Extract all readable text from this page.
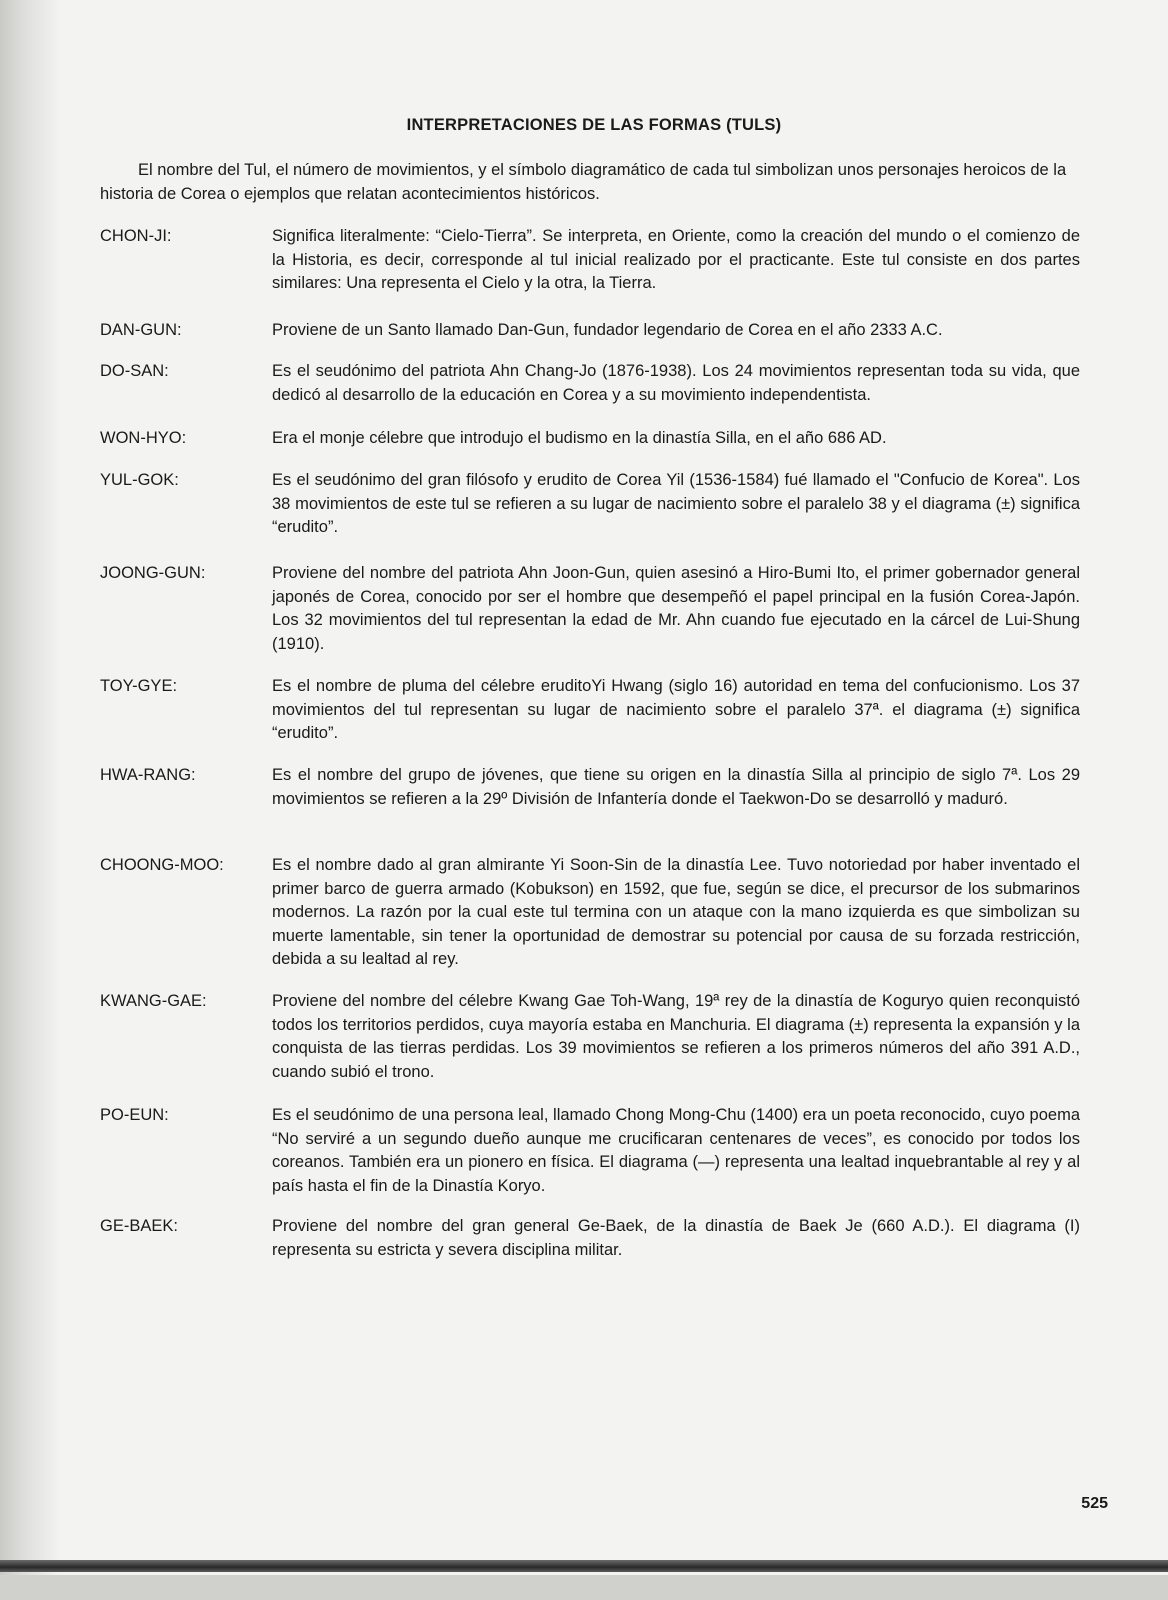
INTERPRETACIONES DE LAS FORMAS (TULS)
El nombre del Tul, el número de movimientos, y el símbolo diagramático de cada tul simbolizan unos personajes heroicos de la historia de Corea o ejemplos que relatan acontecimientos históricos.
CHON-JI:	Significa literalmente: “Cielo-Tierra”. Se interpreta, en Oriente, como la creación del mundo o el comienzo de la Historia, es decir, corresponde al tul inicial realizado por el practicante. Este tul consiste en dos partes similares: Una representa el Cielo y la otra, la Tierra.
DAN-GUN:	Proviene de un Santo llamado Dan-Gun, fundador legendario de Corea en el año 2333 A.C.
DO-SAN:	Es el seudónimo del patriota Ahn Chang-Jo (1876-1938). Los 24 movimientos representan toda su vida, que dedicó al desarrollo de la educación en Corea y a su movimiento independentista.
WON-HYO:	Era el monje célebre que introdujo el budismo en la dinastía Silla, en el año 686 AD.
YUL-GOK:	Es el seudónimo del gran filósofo y erudito de Corea Yil (1536-1584) fué llamado el "Confucio de Korea". Los 38 movimientos de este tul se refieren a su lugar de nacimiento sobre el paralelo 38 y el diagrama (±) significa “erudito”.
JOONG-GUN:	Proviene del nombre del patriota Ahn Joon-Gun, quien asesinó a Hiro-Bumi Ito, el primer gobernador general japonés de Corea, conocido por ser el hombre que desempeñó el papel principal en la fusión Corea-Japón. Los 32 movimientos del tul representan la edad de Mr. Ahn cuando fue ejecutado en la cárcel de Lui-Shung (1910).
TOY-GYE:	Es el nombre de pluma del célebre eruditoYi Hwang (siglo 16) autoridad en tema del confucionismo. Los 37 movimientos del tul representan su lugar de nacimiento sobre el paralelo 37ª. el diagrama (±) significa “erudito”.
HWA-RANG:	Es el nombre del grupo de jóvenes, que tiene su origen en la dinastía Silla al principio de siglo 7ª. Los 29 movimientos se refieren a la 29º División de Infantería donde el Taekwon-Do se desarrolló y maduró.
CHOONG-MOO:	Es el nombre dado al gran almirante Yi Soon-Sin de la dinastía Lee. Tuvo notoriedad por haber inventado el primer barco de guerra armado (Kobukson) en 1592, que fue, según se dice, el precursor de los submarinos modernos. La razón por la cual este tul termina con un ataque con la mano izquierda es que simbolizan su muerte lamentable, sin tener la oportunidad de demostrar su potencial por causa de su forzada restricción, debida a su lealtad al rey.
KWANG-GAE:	Proviene del nombre del célebre Kwang Gae Toh-Wang, 19ª rey de la dinastía de Koguryo quien reconquistó todos los territorios perdidos, cuya mayoría estaba en Manchuria. El diagrama (±) representa la expansión y la conquista de las tierras perdidas. Los 39 movimientos se refieren a los primeros números del año 391 A.D., cuando subió el trono.
PO-EUN:	Es el seudónimo de una persona leal, llamado Chong Mong-Chu (1400) era un poeta reconocido, cuyo poema “No serviré a un segundo dueño aunque me crucificaran centenares de veces”, es conocido por todos los coreanos. También era un pionero en física. El diagrama (—) representa una lealtad inquebrantable al rey y al país hasta el fin de la Dinastía Koryo.
GE-BAEK:	Proviene del nombre del gran general Ge-Baek, de la dinastía de Baek Je (660 A.D.). El diagrama (I) representa su estricta y severa disciplina militar.
525
